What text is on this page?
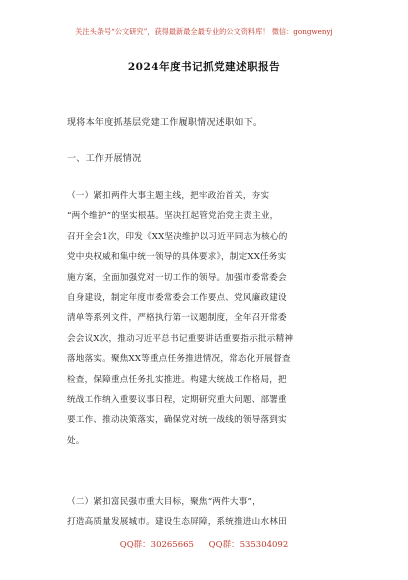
关注头条号“公文研究”，获得最新最全最专业的公文资料库！ 微信：gongwenyj
2024年度书记抓党建述职报告
现将本年度抓基层党建工作履职情况述职如下。
一、工作开展情况
（一）紧扣两件大事主题主线，把牢政治首关，夯实
“两个维护”的坚实根基。坚决扛起管党治党主责主业，
召开全会1次，印发《XX坚决维护以习近平同志为核心的
党中央权威和集中统一领导的具体要求》，制定XX任务实
施方案，全面加强党对一切工作的领导。加强市委常委会
自身建设，制定年度市委常委会工作要点、党风廉政建设
清单等系列文件，严格执行第一议题制度，全年召开常委
会会议X次，推动习近平总书记重要讲话重要指示批示精神
落地落实。聚焦XX等重点任务推进情况，常态化开展督查
检查，保障重点任务扎实推进。构建大统战工作格局，把
统战工作纳入重要议事日程，定期研究重大问题、部署重
要工作、推动决策落实，确保党对统一战线的领导落到实
处。
（二）紧扣富民强市重大目标，聚焦“两件大事”，
打造高质量发展城市。建设生态屏障，系统推进山水林田
QQ群：30265665 QQ群：535304092
